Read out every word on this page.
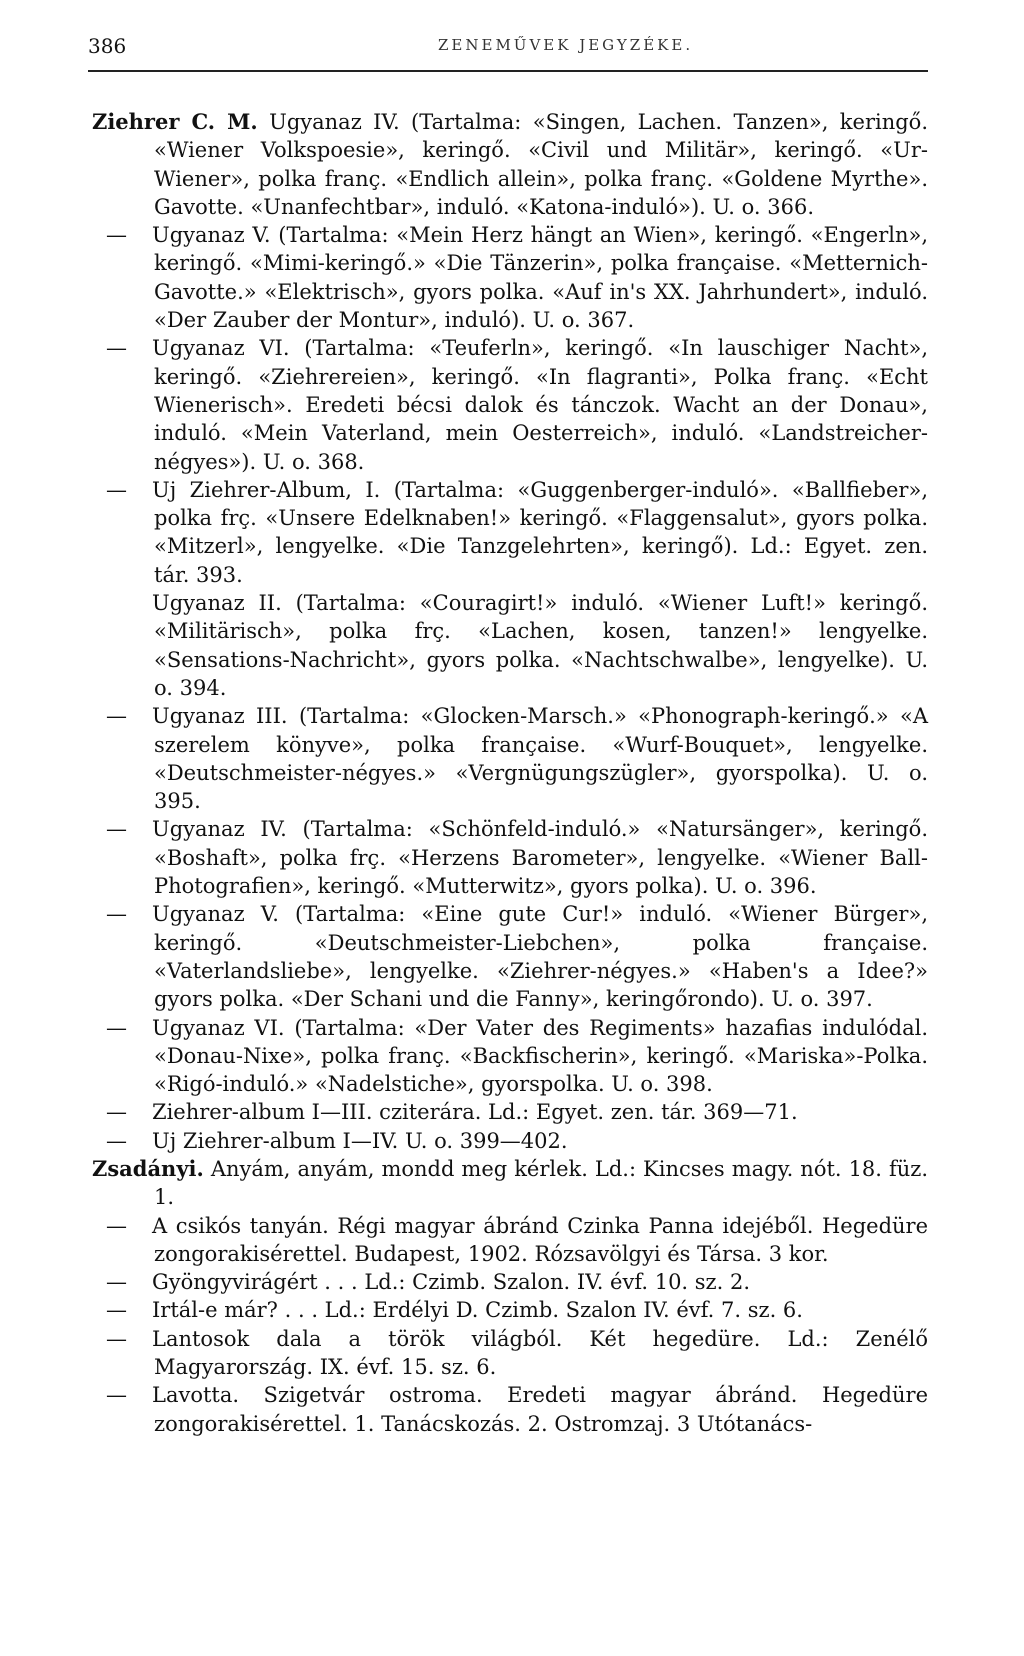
386	ZENEMŰVEK JEGYZÉKE.
Ziehrer C. M. Ugyanaz IV. (Tartalma: «Singen, Lachen. Tanzen», keringő. «Wiener Volkspoesie», keringő. «Civil und Militär», keringő. «Ur-Wiener», polka franç. «Endlich allein», polka franç. «Goldene Myrthe». Gavotte. «Unanfechtbar», induló. «Katona-induló»). U. o. 366.
— Ugyanaz V. (Tartalma: «Mein Herz hängt an Wien», keringő. «Engerln», keringő. «Mimi-keringő.» «Die Tänzerin», polka française. «Metternich-Gavotte.» «Elektrisch», gyors polka. «Auf in's XX. Jahrhundert», induló. «Der Zauber der Montur», induló). U. o. 367.
— Ugyanaz VI. (Tartalma: «Teuferln», keringő. «In lauschiger Nacht», keringő. «Ziehrereien», keringő. «In flagranti», Polka franç. «Echt Wienerisch». Eredeti bécsi dalok és tánczok. Wacht an der Donau», induló. «Mein Vaterland, mein Oesterreich», induló. «Landstreicher-négyes»). U. o. 368.
— Uj Ziehrer-Album, I. (Tartalma: «Guggenberger-induló». «Ballfieber», polka frç. «Unsere Edelknaben!» keringő. «Flaggensalut», gyors polka. «Mitzerl», lengyelke. «Die Tanzgelehrten», keringő). Ld.: Egyet. zen. tár. 393.
Ugyanaz II. (Tartalma: «Couragirt!» induló. «Wiener Luft!» keringő. «Militärisch», polka frç. «Lachen, kosen, tanzen!» lengyelke. «Sensations-Nachricht», gyors polka. «Nachtschwalbe», lengyelke). U. o. 394.
— Ugyanaz III. (Tartalma: «Glocken-Marsch.» «Phonograph-keringő.» «A szerelem könyve», polka française. «Wurf-Bouquet», lengyelke. «Deutschmeister-négyes.» «Vergnügungszügler», gyorspolka). U. o. 395.
— Ugyanaz IV. (Tartalma: «Schönfeld-induló.» «Natursänger», keringő. «Boshaft», polka frç. «Herzens Barometer», lengyelke. «Wiener Ball-Photografien», keringő. «Mutterwitz», gyors polka). U. o. 396.
— Ugyanaz V. (Tartalma: «Eine gute Cur!» induló. «Wiener Bürger», keringő. «Deutschmeister-Liebchen», polka française. «Vaterlandsliebe», lengyelke. «Ziehrer-négyes.» «Haben's a Idee?» gyors polka. «Der Schani und die Fanny», keringőrondo). U. o. 397.
— Ugyanaz VI. (Tartalma: «Der Vater des Regiments» hazafias indulódal. «Donau-Nixe», polka franç. «Backfischerin», keringő. «Mariska»-Polka. «Rigó-induló.» «Nadelstiche», gyorspolka. U. o. 398.
— Ziehrer-album I—III. cziterára. Ld.: Egyet. zen. tár. 369—71.
— Uj Ziehrer-album I—IV. U. o. 399—402.
Zsadányi. Anyám, anyám, mondd meg kérlek. Ld.: Kincses magy. nót. 18. füz. 1.
— A csikós tanyán. Régi magyar ábránd Czinka Panna idejéből. Hegedüre zongorakisérettel. Budapest, 1902. Rózsavölgyi és Társa. 3 kor.
— Gyöngyvirágért . . . Ld.: Czimb. Szalon. IV. évf. 10. sz. 2.
— Irtál-e már? . . . Ld.: Erdélyi D. Czimb. Szalon IV. évf. 7. sz. 6.
— Lantosok dala a török világból. Két hegedüre. Ld.: Zenélő Magyarország. IX. évf. 15. sz. 6.
— Lavotta. Szigetvár ostroma. Eredeti magyar ábránd. Hegedüre zongorakisérettel. 1. Tanácskozás. 2. Ostromzaj. 3 Utótanács-
